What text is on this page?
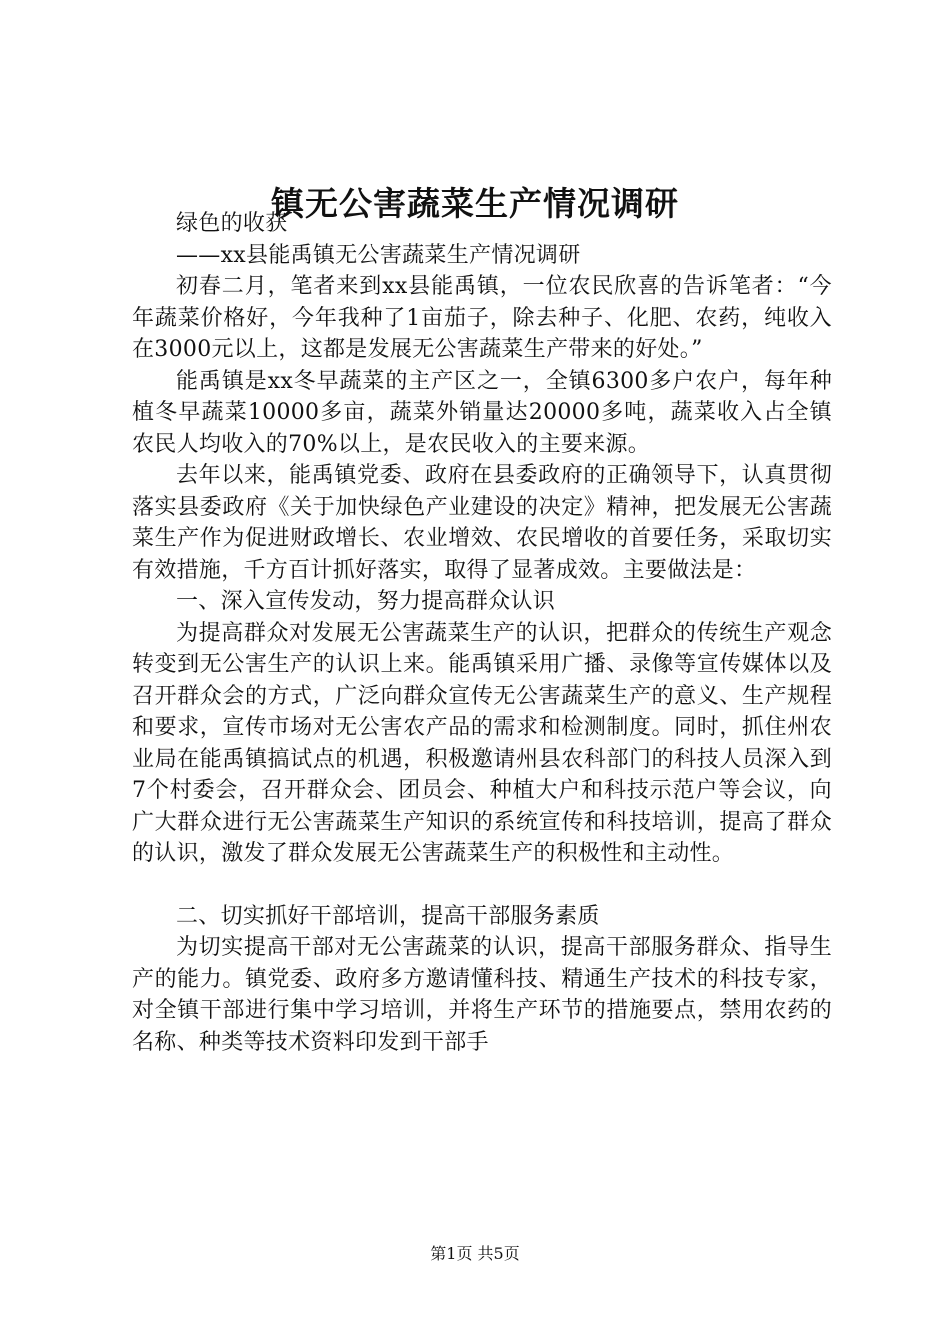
镇无公害蔬菜生产情况调研

绿色的收获

——xx县能禹镇无公害蔬菜生产情况调研

初春二月，笔者来到xx县能禹镇，一位农民欣喜的告诉笔者：“今年蔬菜价格好，今年我种了1亩茄子，除去种子、化肥、农药，纯收入在3000元以上，这都是发展无公害蔬菜生产带来的好处。”

能禹镇是xx冬早蔬菜的主产区之一，全镇6300多户农户，每年种植冬早蔬菜10000多亩，蔬菜外销量达20000多吨，蔬菜收入占全镇农民人均收入的70%以上，是农民收入的主要来源。

去年以来，能禹镇党委、政府在县委政府的正确领导下，认真贯彻落实县委政府《关于加快绿色产业建设的决定》精神，把发展无公害蔬菜生产作为促进财政增长、农业增效、农民增收的首要任务，采取切实有效措施，千方百计抓好落实，取得了显著成效。主要做法是：

一、深入宣传发动，努力提高群众认识

为提高群众对发展无公害蔬菜生产的认识，把群众的传统生产观念转变到无公害生产的认识上来。能禹镇采用广播、录像等宣传媒体以及召开群众会的方式，广泛向群众宣传无公害蔬菜生产的意义、生产规程和要求，宣传市场对无公害农产品的需求和检测制度。同时，抓住州农业局在能禹镇搞试点的机遇，积极邀请州县农科部门的科技人员深入到7个村委会，召开群众会、团员会、种植大户和科技示范户等会议，向广大群众进行无公害蔬菜生产知识的系统宣传和科技培训，提高了群众的认识，激发了群众发展无公害蔬菜生产的积极性和主动性。

二、切实抓好干部培训，提高干部服务素质

为切实提高干部对无公害蔬菜的认识，提高干部服务群众、指导生产的能力。镇党委、政府多方邀请懂科技、精通生产技术的科技专家，对全镇干部进行集中学习培训，并将生产环节的措施要点，禁用农药的名称、种类等技术资料印发到干部手

第1页 共5页
